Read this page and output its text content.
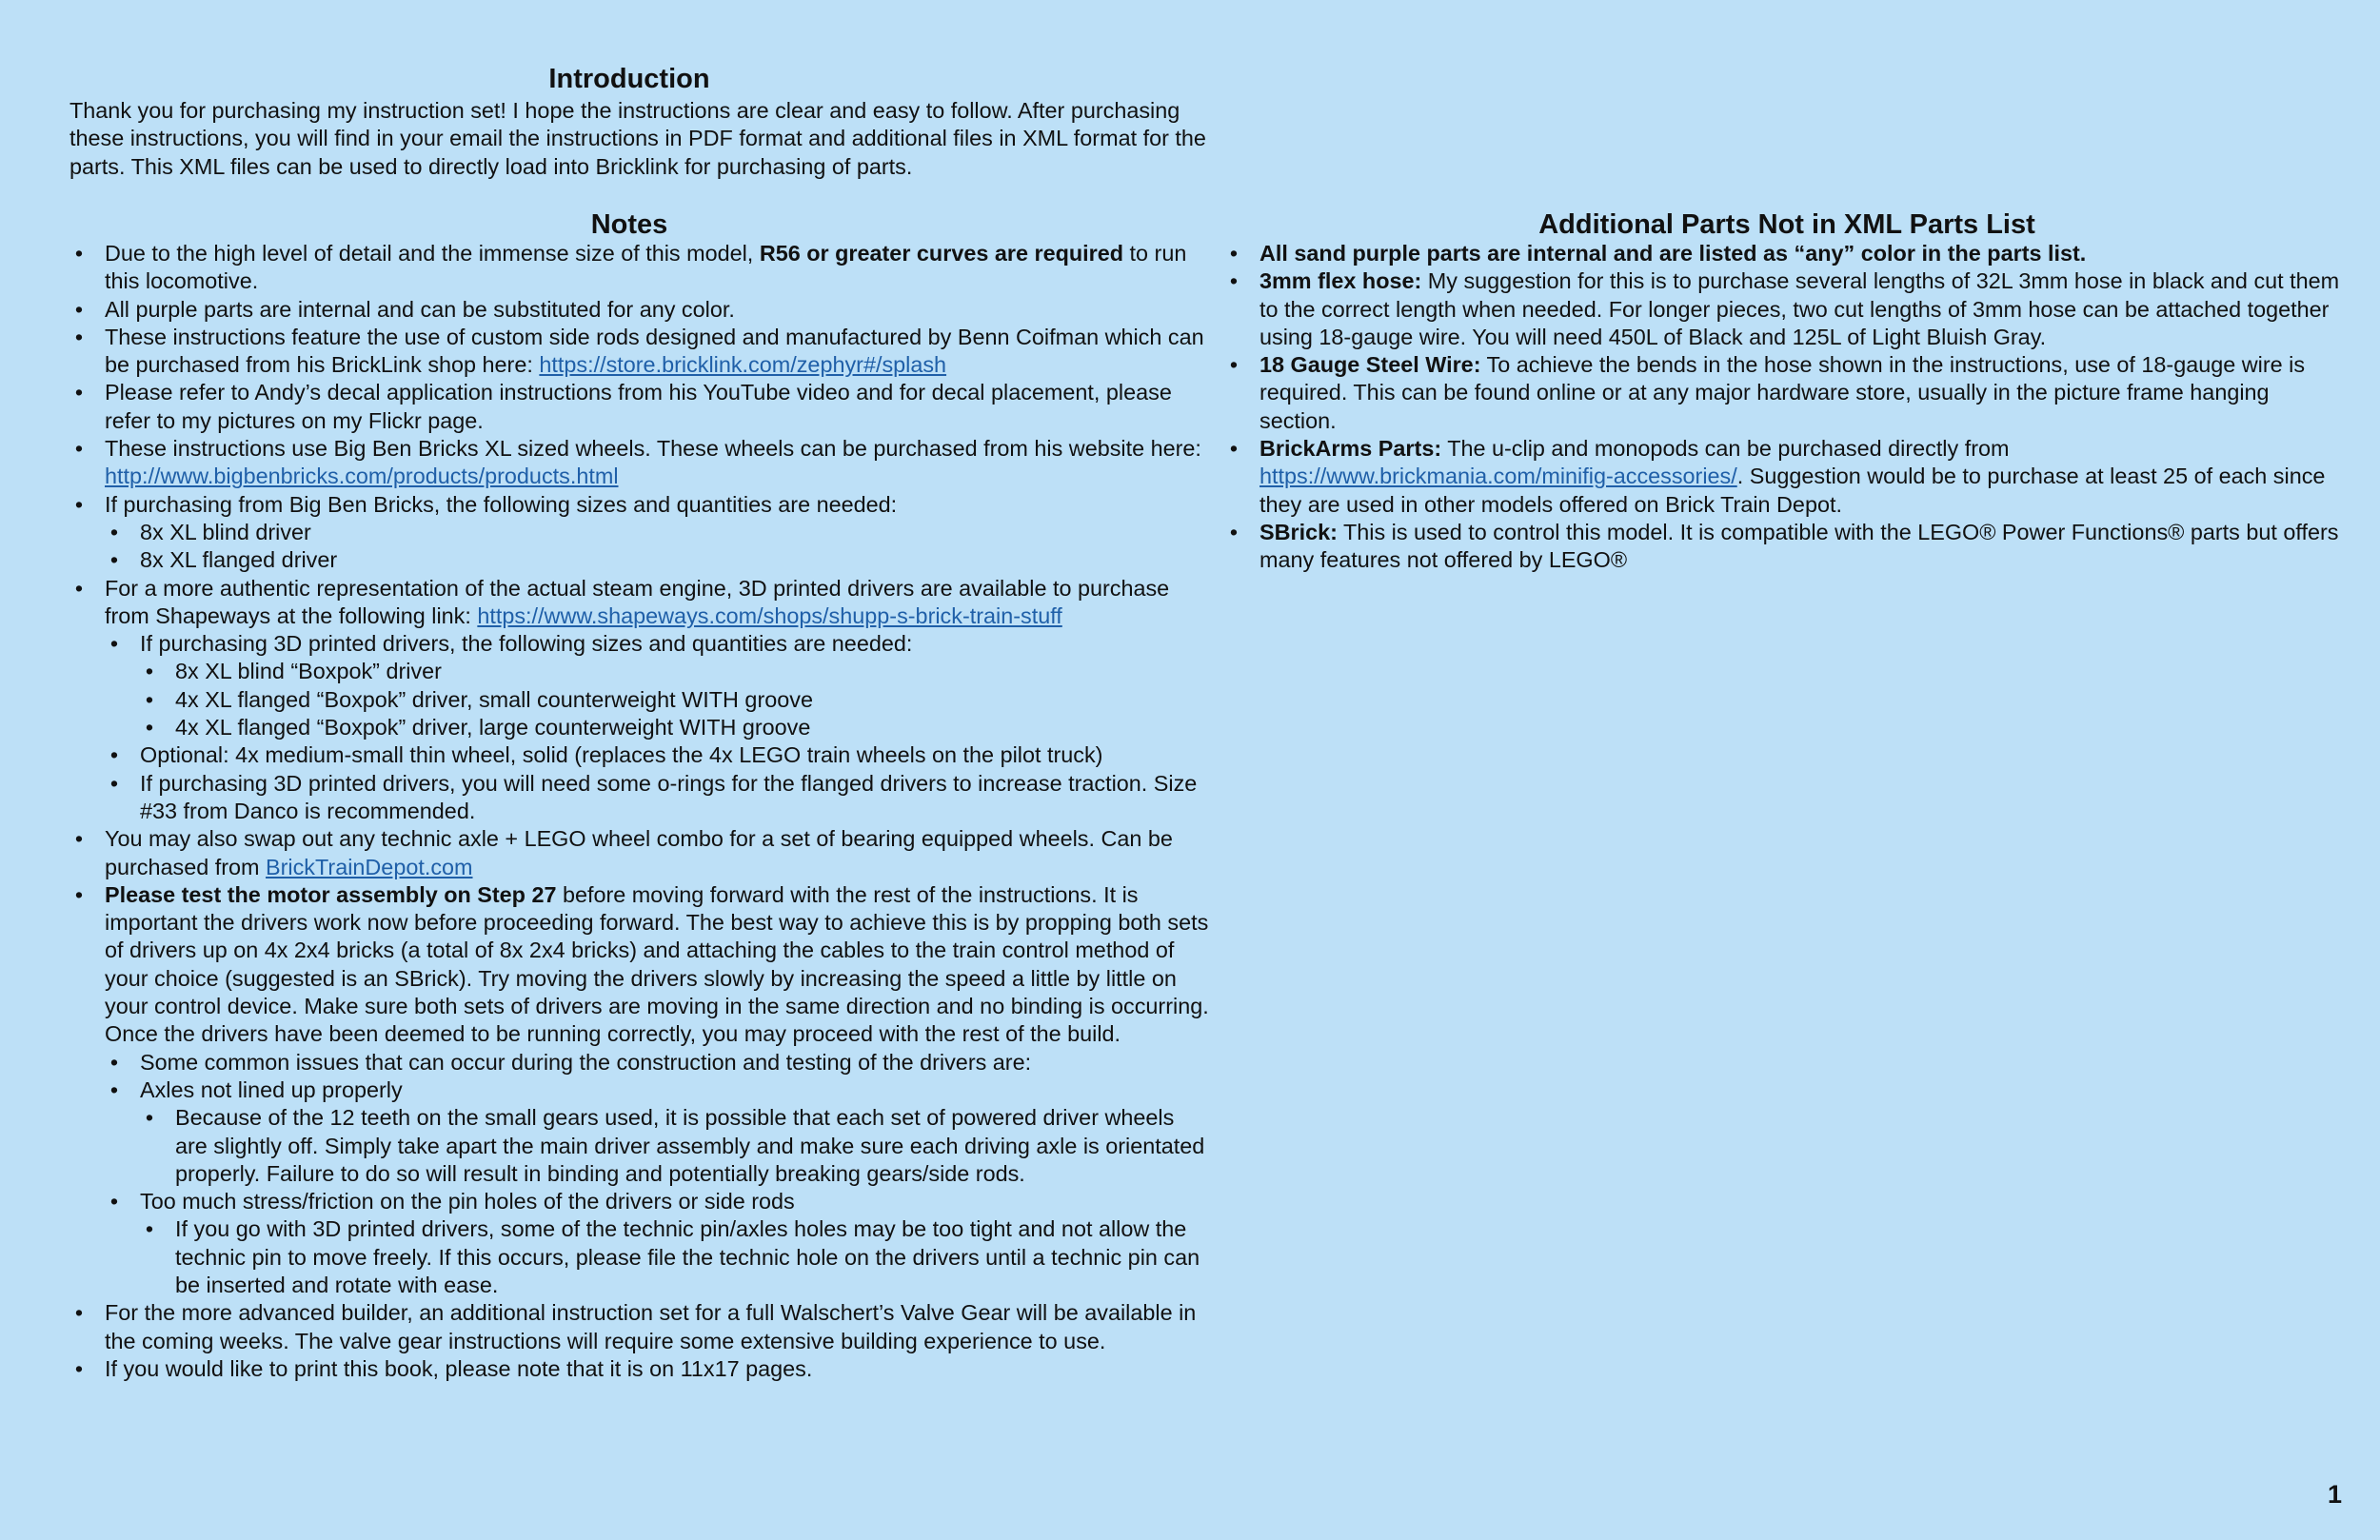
Introduction

Thank you for purchasing my instruction set! I hope the instructions are clear and easy to follow. After purchasing these instructions, you will find in your email the instructions in PDF format and additional files in XML format for the parts. This XML files can be used to directly load into Bricklink for purchasing of parts.

Notes
• Due to the high level of detail and the immense size of this model, R56 or greater curves are required to run this locomotive.
• All purple parts are internal and can be substituted for any color.
• These instructions feature the use of custom side rods designed and manufactured by Benn Coifman which can be purchased from his BrickLink shop here: https://store.bricklink.com/zephyr#/splash
• Please refer to Andy’s decal application instructions from his YouTube video and for decal placement, please refer to my pictures on my Flickr page.
• These instructions use Big Ben Bricks XL sized wheels. These wheels can be purchased from his website here: http://www.bigbenbricks.com/products/products.html
• If purchasing from Big Ben Bricks, the following sizes and quantities are needed:
• 8x XL blind driver
• 8x XL flanged driver
• For a more authentic representation of the actual steam engine, 3D printed drivers are available to purchase from Shapeways at the following link: https://www.shapeways.com/shops/shupp-s-brick-train-stuff
• If purchasing 3D printed drivers, the following sizes and quantities are needed:
• 8x XL blind “Boxpok” driver
• 4x XL flanged “Boxpok” driver, small counterweight WITH groove
• 4x XL flanged “Boxpok” driver, large counterweight WITH groove
• Optional: 4x medium-small thin wheel, solid (replaces the 4x LEGO train wheels on the pilot truck)
• If purchasing 3D printed drivers, you will need some o-rings for the flanged drivers to increase traction. Size #33 from Danco is recommended.
• You may also swap out any technic axle + LEGO wheel combo for a set of bearing equipped wheels. Can be purchased from BrickTrainDepot.com
• Please test the motor assembly on Step 27 before moving forward with the rest of the instructions. It is important the drivers work now before proceeding forward. The best way to achieve this is by propping both sets of drivers up on 4x 2x4 bricks (a total of 8x 2x4 bricks) and attaching the cables to the train control method of your choice (suggested is an SBrick). Try moving the drivers slowly by increasing the speed a little by little on your control device. Make sure both sets of drivers are moving in the same direction and no binding is occurring. Once the drivers have been deemed to be running correctly, you may proceed with the rest of the build.
• Some common issues that can occur during the construction and testing of the drivers are:
• Axles not lined up properly
• Because of the 12 teeth on the small gears used, it is possible that each set of powered driver wheels are slightly off. Simply take apart the main driver assembly and make sure each driving axle is orientated properly. Failure to do so will result in binding and potentially breaking gears/side rods.
• Too much stress/friction on the pin holes of the drivers or side rods
• If you go with 3D printed drivers, some of the technic pin/axles holes may be too tight and not allow the technic pin to move freely. If this occurs, please file the technic hole on the drivers until a technic pin can be inserted and rotate with ease.
• For the more advanced builder, an additional instruction set for a full Walschert’s Valve Gear will be available in the coming weeks. The valve gear instructions will require some extensive building experience to use.
• If you would like to print this book, please note that it is on 11x17 pages.
Additional Parts Not in XML Parts List
• All sand purple parts are internal and are listed as “any” color in the parts list.
• 3mm flex hose: My suggestion for this is to purchase several lengths of 32L 3mm hose in black and cut them to the correct length when needed. For longer pieces, two cut lengths of 3mm hose can be attached together using 18-gauge wire. You will need 450L of Black and 125L of Light Bluish Gray.
• 18 Gauge Steel Wire: To achieve the bends in the hose shown in the instructions, use of 18-gauge wire is required. This can be found online or at any major hardware store, usually in the picture frame hanging section.
• BrickArms Parts: The u-clip and monopods can be purchased directly from https://www.brickmania.com/minifig-accessories/. Suggestion would be to purchase at least 25 of each since they are used in other models offered on Brick Train Depot.
• SBrick: This is used to control this model. It is compatible with the LEGO® Power Functions® parts but offers many features not offered by LEGO®
1
